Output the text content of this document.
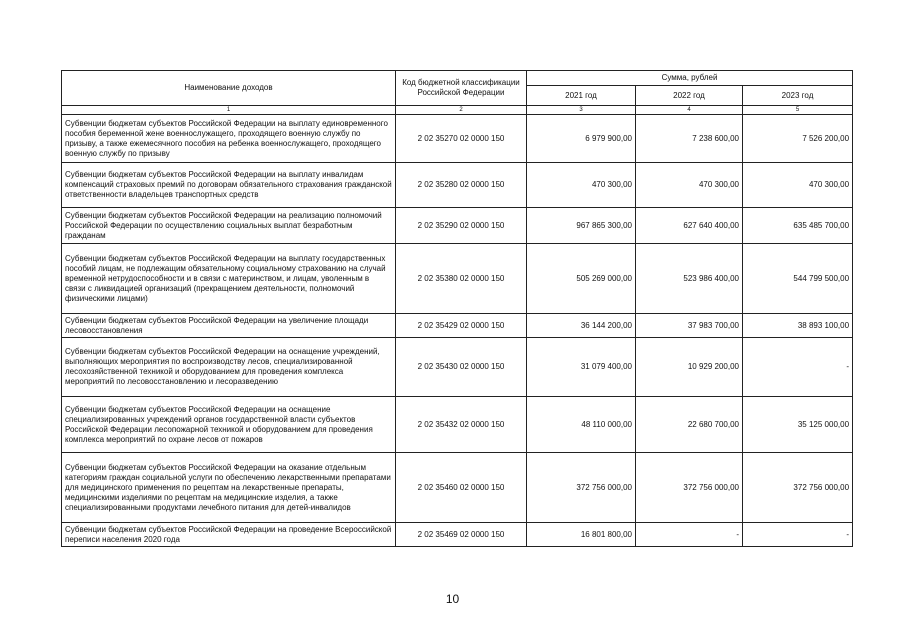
Наименование доходов	Код бюджетной классификации Российской Федерации	Сумма, рублей		
		2021 год	2022 год	2023 год
1	2	3	4	5
Субвенции бюджетам субъектов Российской Федерации на выплату единовременного пособия беременной жене военнослужащего, проходящего военную службу по призыву, а также ежемесячного пособия на ребенка военнослужащего, проходящего военную службу по призыву	2 02 35270 02 0000 150	6 979 900,00	7 238 600,00	7 526 200,00
Субвенции бюджетам субъектов Российской Федерации на выплату инвалидам компенсаций страховых премий по договорам обязательного страхования гражданской ответственности владельцев транспортных средств	2 02 35280 02 0000 150	470 300,00	470 300,00	470 300,00
Субвенции бюджетам субъектов Российской Федерации на реализацию полномочий Российской Федерации по осуществлению социальных выплат безработным гражданам	2 02 35290 02 0000 150	967 865 300,00	627 640 400,00	635 485 700,00
Субвенции бюджетам субъектов Российской Федерации на выплату государственных пособий лицам, не подлежащим обязательному социальному страхованию на случай временной нетрудоспособности и в связи с материнством, и лицам, уволенным в связи с ликвидацией организаций (прекращением деятельности, полномочий физическими лицами)	2 02 35380 02 0000 150	505 269 000,00	523 986 400,00	544 799 500,00
Субвенции бюджетам субъектов Российской Федерации на увеличение площади лесовосстановления	2 02 35429 02 0000 150	36 144 200,00	37 983 700,00	38 893 100,00
Субвенции бюджетам субъектов Российской Федерации на оснащение учреждений, выполняющих мероприятия по воспроизводству лесов, специализированной лесохозяйственной техникой и оборудованием для проведения комплекса мероприятий по лесовосстановлению и лесоразведению	2 02 35430 02 0000 150	31 079 400,00	10 929 200,00	-
Субвенции бюджетам субъектов Российской Федерации на оснащение специализированных учреждений органов государственной власти субъектов Российской Федерации лесопожарной техникой и оборудованием для проведения комплекса мероприятий по охране лесов от пожаров	2 02 35432 02 0000 150	48 110 000,00	22 680 700,00	35 125 000,00
Субвенции бюджетам субъектов Российской Федерации на оказание отдельным категориям граждан социальной услуги по обеспечению лекарственными препаратами для медицинского применения по рецептам на лекарственные препараты, медицинскими изделиями по рецептам на медицинские изделия, а также специализированными продуктами лечебного питания для детей-инвалидов	2 02 35460 02 0000 150	372 756 000,00	372 756 000,00	372 756 000,00
Субвенции бюджетам субъектов Российской Федерации на проведение Всероссийской переписи населения 2020 года	2 02 35469 02 0000 150	16 801 800,00	-	-
10
